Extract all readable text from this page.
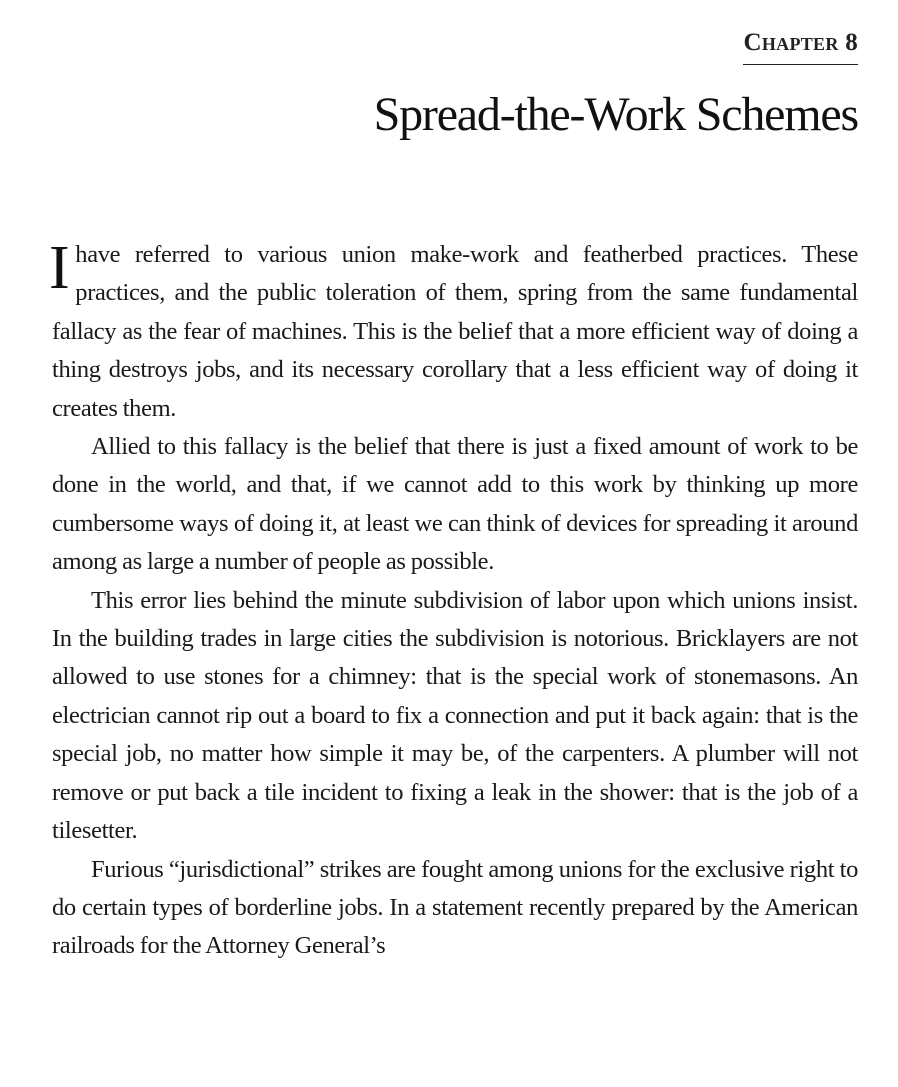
Chapter 8
Spread-the-Work Schemes

I have referred to various union make-work and featherbed practices. These practices, and the public toleration of them, spring from the same fundamental fallacy as the fear of machines. This is the belief that a more efficient way of doing a thing destroys jobs, and its necessary corollary that a less efficient way of doing it creates them.

Allied to this fallacy is the belief that there is just a fixed amount of work to be done in the world, and that, if we cannot add to this work by thinking up more cumbersome ways of doing it, at least we can think of devices for spreading it around among as large a number of people as possible.

This error lies behind the minute subdivision of labor upon which unions insist. In the building trades in large cities the subdivision is notorious. Bricklayers are not allowed to use stones for a chimney: that is the special work of stonemasons. An electrician cannot rip out a board to fix a connection and put it back again: that is the special job, no matter how simple it may be, of the carpenters. A plumber will not remove or put back a tile incident to fixing a leak in the shower: that is the job of a tilesetter.

Furious “jurisdictional” strikes are fought among unions for the exclusive right to do certain types of borderline jobs. In a statement recently prepared by the American railroads for the Attorney General’s
